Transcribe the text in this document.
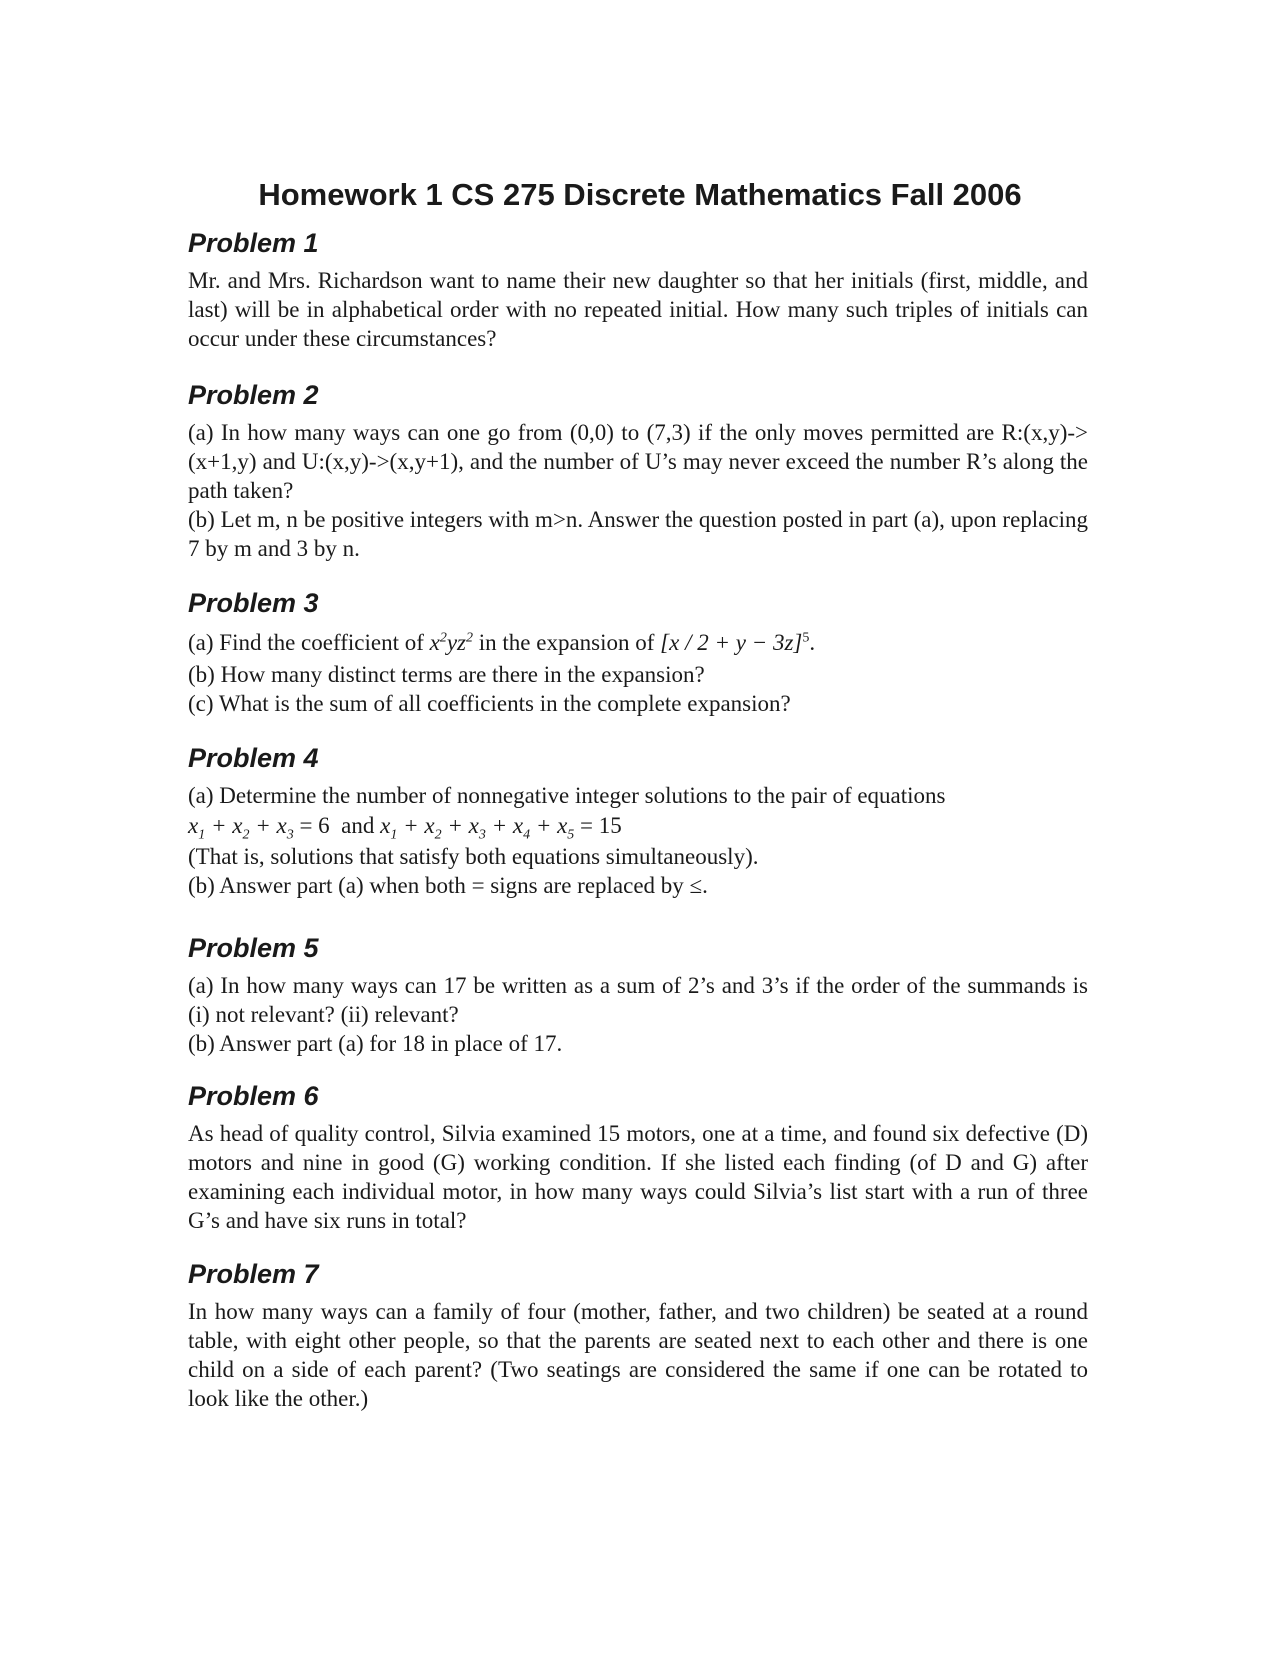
Homework 1 CS 275 Discrete Mathematics Fall 2006
Problem 1

Mr. and Mrs. Richardson want to name their new daughter so that her initials (first, middle, and last) will be in alphabetical order with no repeated initial. How many such triples of initials can occur under these circumstances?

Problem 2

(a) In how many ways can one go from (0,0) to (7,3) if the only moves permitted are R:(x,y)->(x+1,y) and U:(x,y)->(x,y+1), and the number of U’s may never exceed the number R’s along the path taken?

(b) Let m, n be positive integers with m>n. Answer the question posted in part (a), upon replacing 7 by m and 3 by n.

Problem 3
(a) Find the coefficient of $x^2yz^2$ in the expansion of $[x / 2 + y - 3z]^5$.
(b) How many distinct terms are there in the expansion?
(c) What is the sum of all coefficients in the complete expansion?
Problem 4
(a) Determine the number of nonnegative integer solutions to the pair of equations
$x_1 + x_2 + x_3 = 6$ and $x_1 + x_2 + x_3 + x_4 + x_5 = 15$
(That is, solutions that satisfy both equations simultaneously).
(b) Answer part (a) when both = signs are replaced by ≤.
Problem 5

(a) In how many ways can 17 be written as a sum of 2’s and 3’s if the order of the summands is (i) not relevant? (ii) relevant?

(b) Answer part (a) for 18 in place of 17.

Problem 6

As head of quality control, Silvia examined 15 motors, one at a time, and found six defective (D) motors and nine in good (G) working condition. If she listed each finding (of D and G) after examining each individual motor, in how many ways could Silvia’s list start with a run of three G’s and have six runs in total?

Problem 7

In how many ways can a family of four (mother, father, and two children) be seated at a round table, with eight other people, so that the parents are seated next to each other and there is one child on a side of each parent? (Two seatings are considered the same if one can be rotated to look like the other.)
